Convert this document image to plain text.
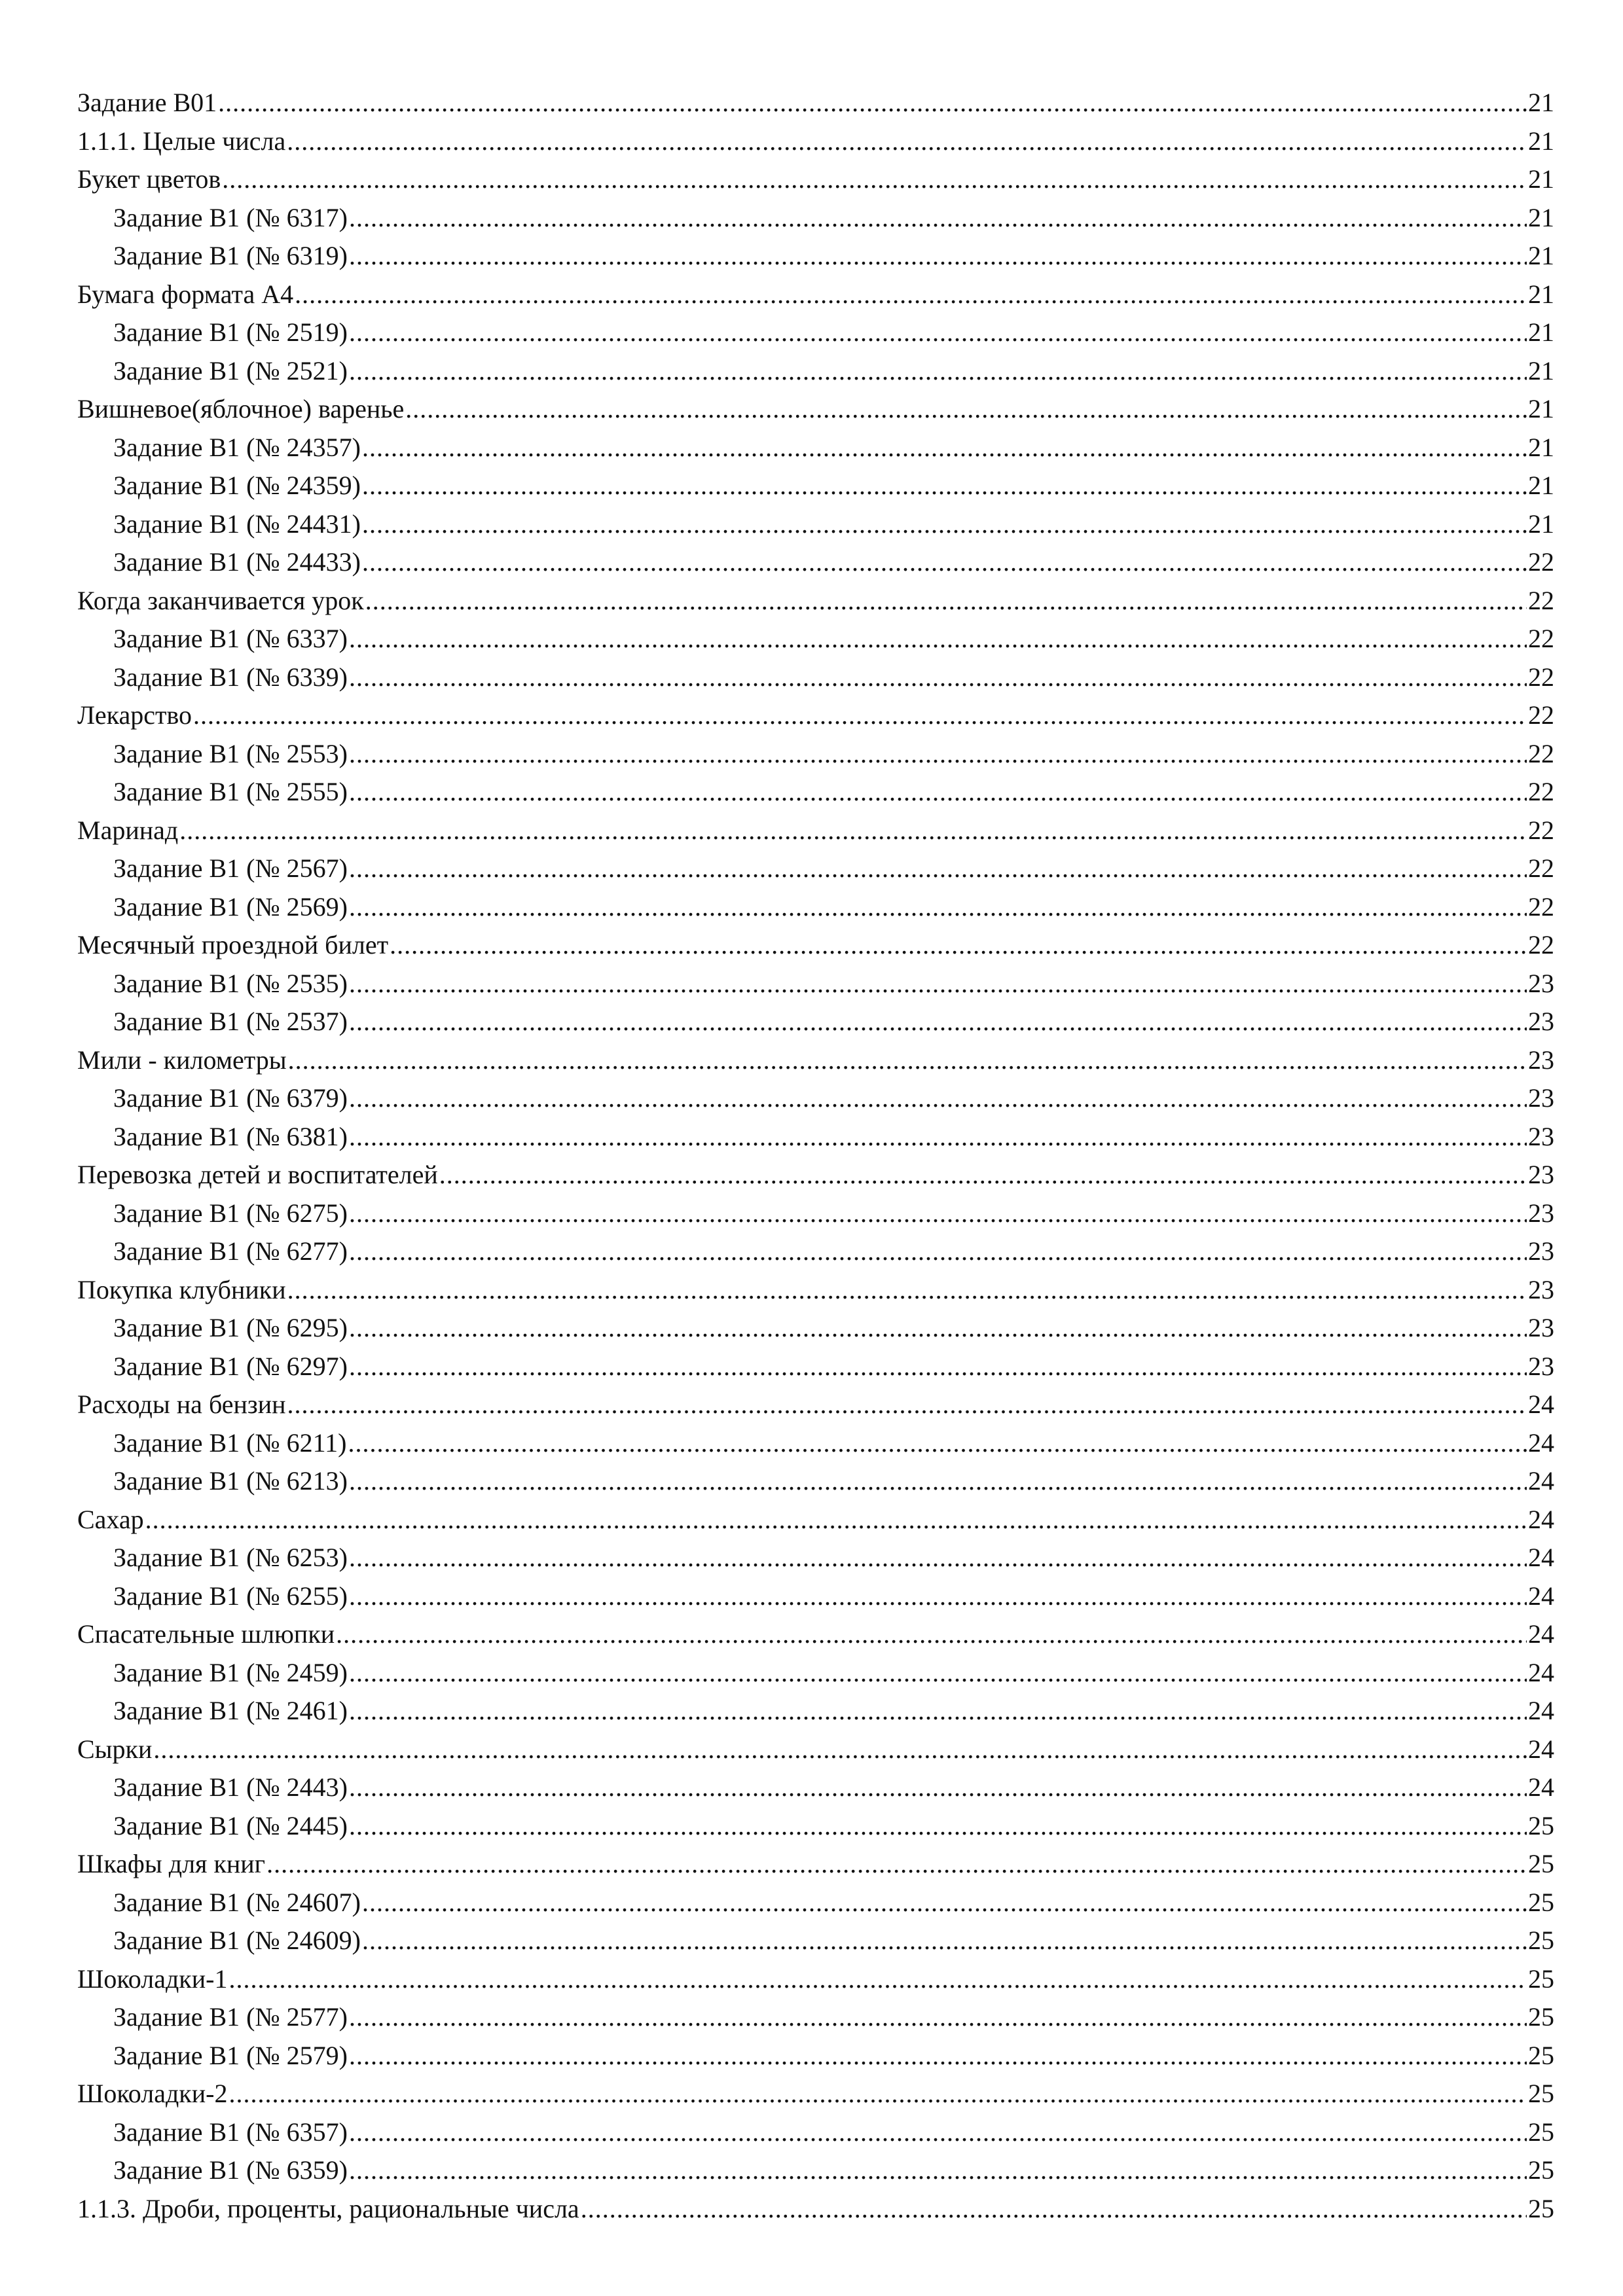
Задание B01 .....	21
1.1.1. Целые числа .....	21
Букет цветов .....	21
Задание B1 (№ 6317) .....	21
Задание B1 (№ 6319) .....	21
Бумага формата А4 .....	21
Задание B1 (№ 2519) .....	21
Задание B1 (№ 2521) .....	21
Вишневое(яблочное) варенье .....	21
Задание B1 (№ 24357) .....	21
Задание B1 (№ 24359) .....	21
Задание B1 (№ 24431) .....	21
Задание B1 (№ 24433) .....	22
Когда заканчивается урок .....	22
Задание B1 (№ 6337) .....	22
Задание B1 (№ 6339) .....	22
Лекарство .....	22
Задание B1 (№ 2553) .....	22
Задание B1 (№ 2555) .....	22
Маринад .....	22
Задание B1 (№ 2567) .....	22
Задание B1 (№ 2569) .....	22
Месячный проездной билет .....	22
Задание B1 (№ 2535) .....	23
Задание B1 (№ 2537) .....	23
Мили - километры .....	23
Задание B1 (№ 6379) .....	23
Задание B1 (№ 6381) .....	23
Перевозка детей и воспитателей .....	23
Задание B1 (№ 6275) .....	23
Задание B1 (№ 6277) .....	23
Покупка клубники .....	23
Задание B1 (№ 6295) .....	23
Задание B1 (№ 6297) .....	23
Расходы на бензин .....	24
Задание B1 (№ 6211) .....	24
Задание B1 (№ 6213) .....	24
Сахар .....	24
Задание B1 (№ 6253) .....	24
Задание B1 (№ 6255) .....	24
Спасательные шлюпки .....	24
Задание B1 (№ 2459) .....	24
Задание B1 (№ 2461) .....	24
Сырки .....	24
Задание B1 (№ 2443) .....	24
Задание B1 (№ 2445) .....	25
Шкафы для книг .....	25
Задание B1 (№ 24607) .....	25
Задание B1 (№ 24609) .....	25
Шоколадки-1 .....	25
Задание B1 (№ 2577) .....	25
Задание B1 (№ 2579) .....	25
Шоколадки-2 .....	25
Задание B1 (№ 6357) .....	25
Задание B1 (№ 6359) .....	25
1.1.3. Дроби, проценты, рациональные числа .....	25
